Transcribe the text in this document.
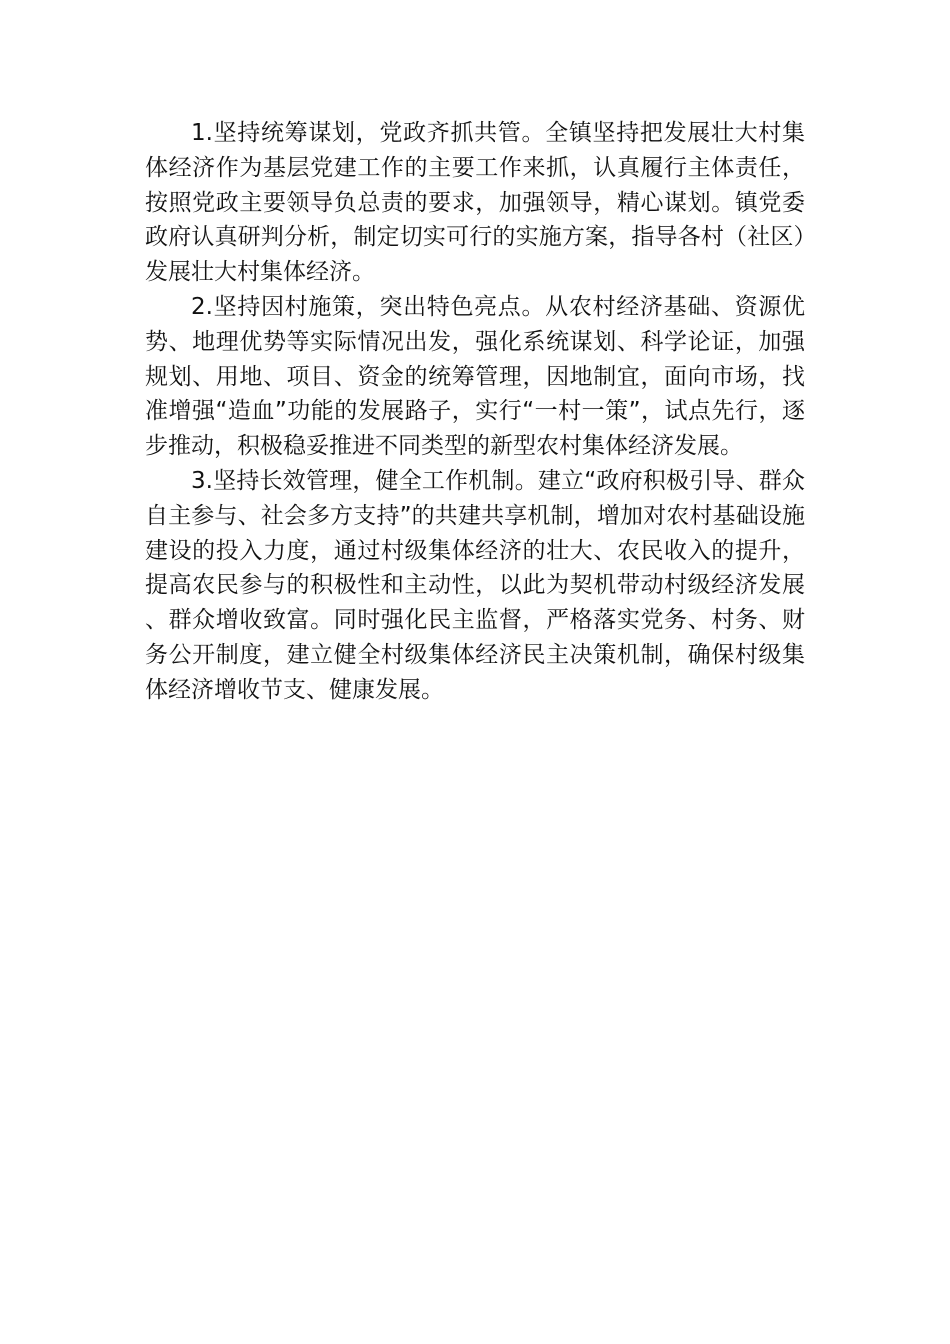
1.坚持统筹谋划，党政齐抓共管。全镇坚持把发展壮大村集体经济作为基层党建工作的主要工作来抓，认真履行主体责任，按照党政主要领导负总责的要求，加强领导，精心谋划。镇党委政府认真研判分析，制定切实可行的实施方案，指导各村（社区）发展壮大村集体经济。

2.坚持因村施策，突出特色亮点。从农村经济基础、资源优势、地理优势等实际情况出发，强化系统谋划、科学论证，加强规划、用地、项目、资金的统筹管理，因地制宜，面向市场，找准增强“造血”功能的发展路子，实行“一村一策”，试点先行，逐步推动，积极稳妥推进不同类型的新型农村集体经济发展。

3.坚持长效管理，健全工作机制。建立“政府积极引导、群众自主参与、社会多方支持”的共建共享机制，增加对农村基础设施建设的投入力度，通过村级集体经济的壮大、农民收入的提升，提高农民参与的积极性和主动性，以此为契机带动村级经济发展、群众增收致富。同时强化民主监督，严格落实党务、村务、财务公开制度，建立健全村级集体经济民主决策机制，确保村级集体经济增收节支、健康发展。
